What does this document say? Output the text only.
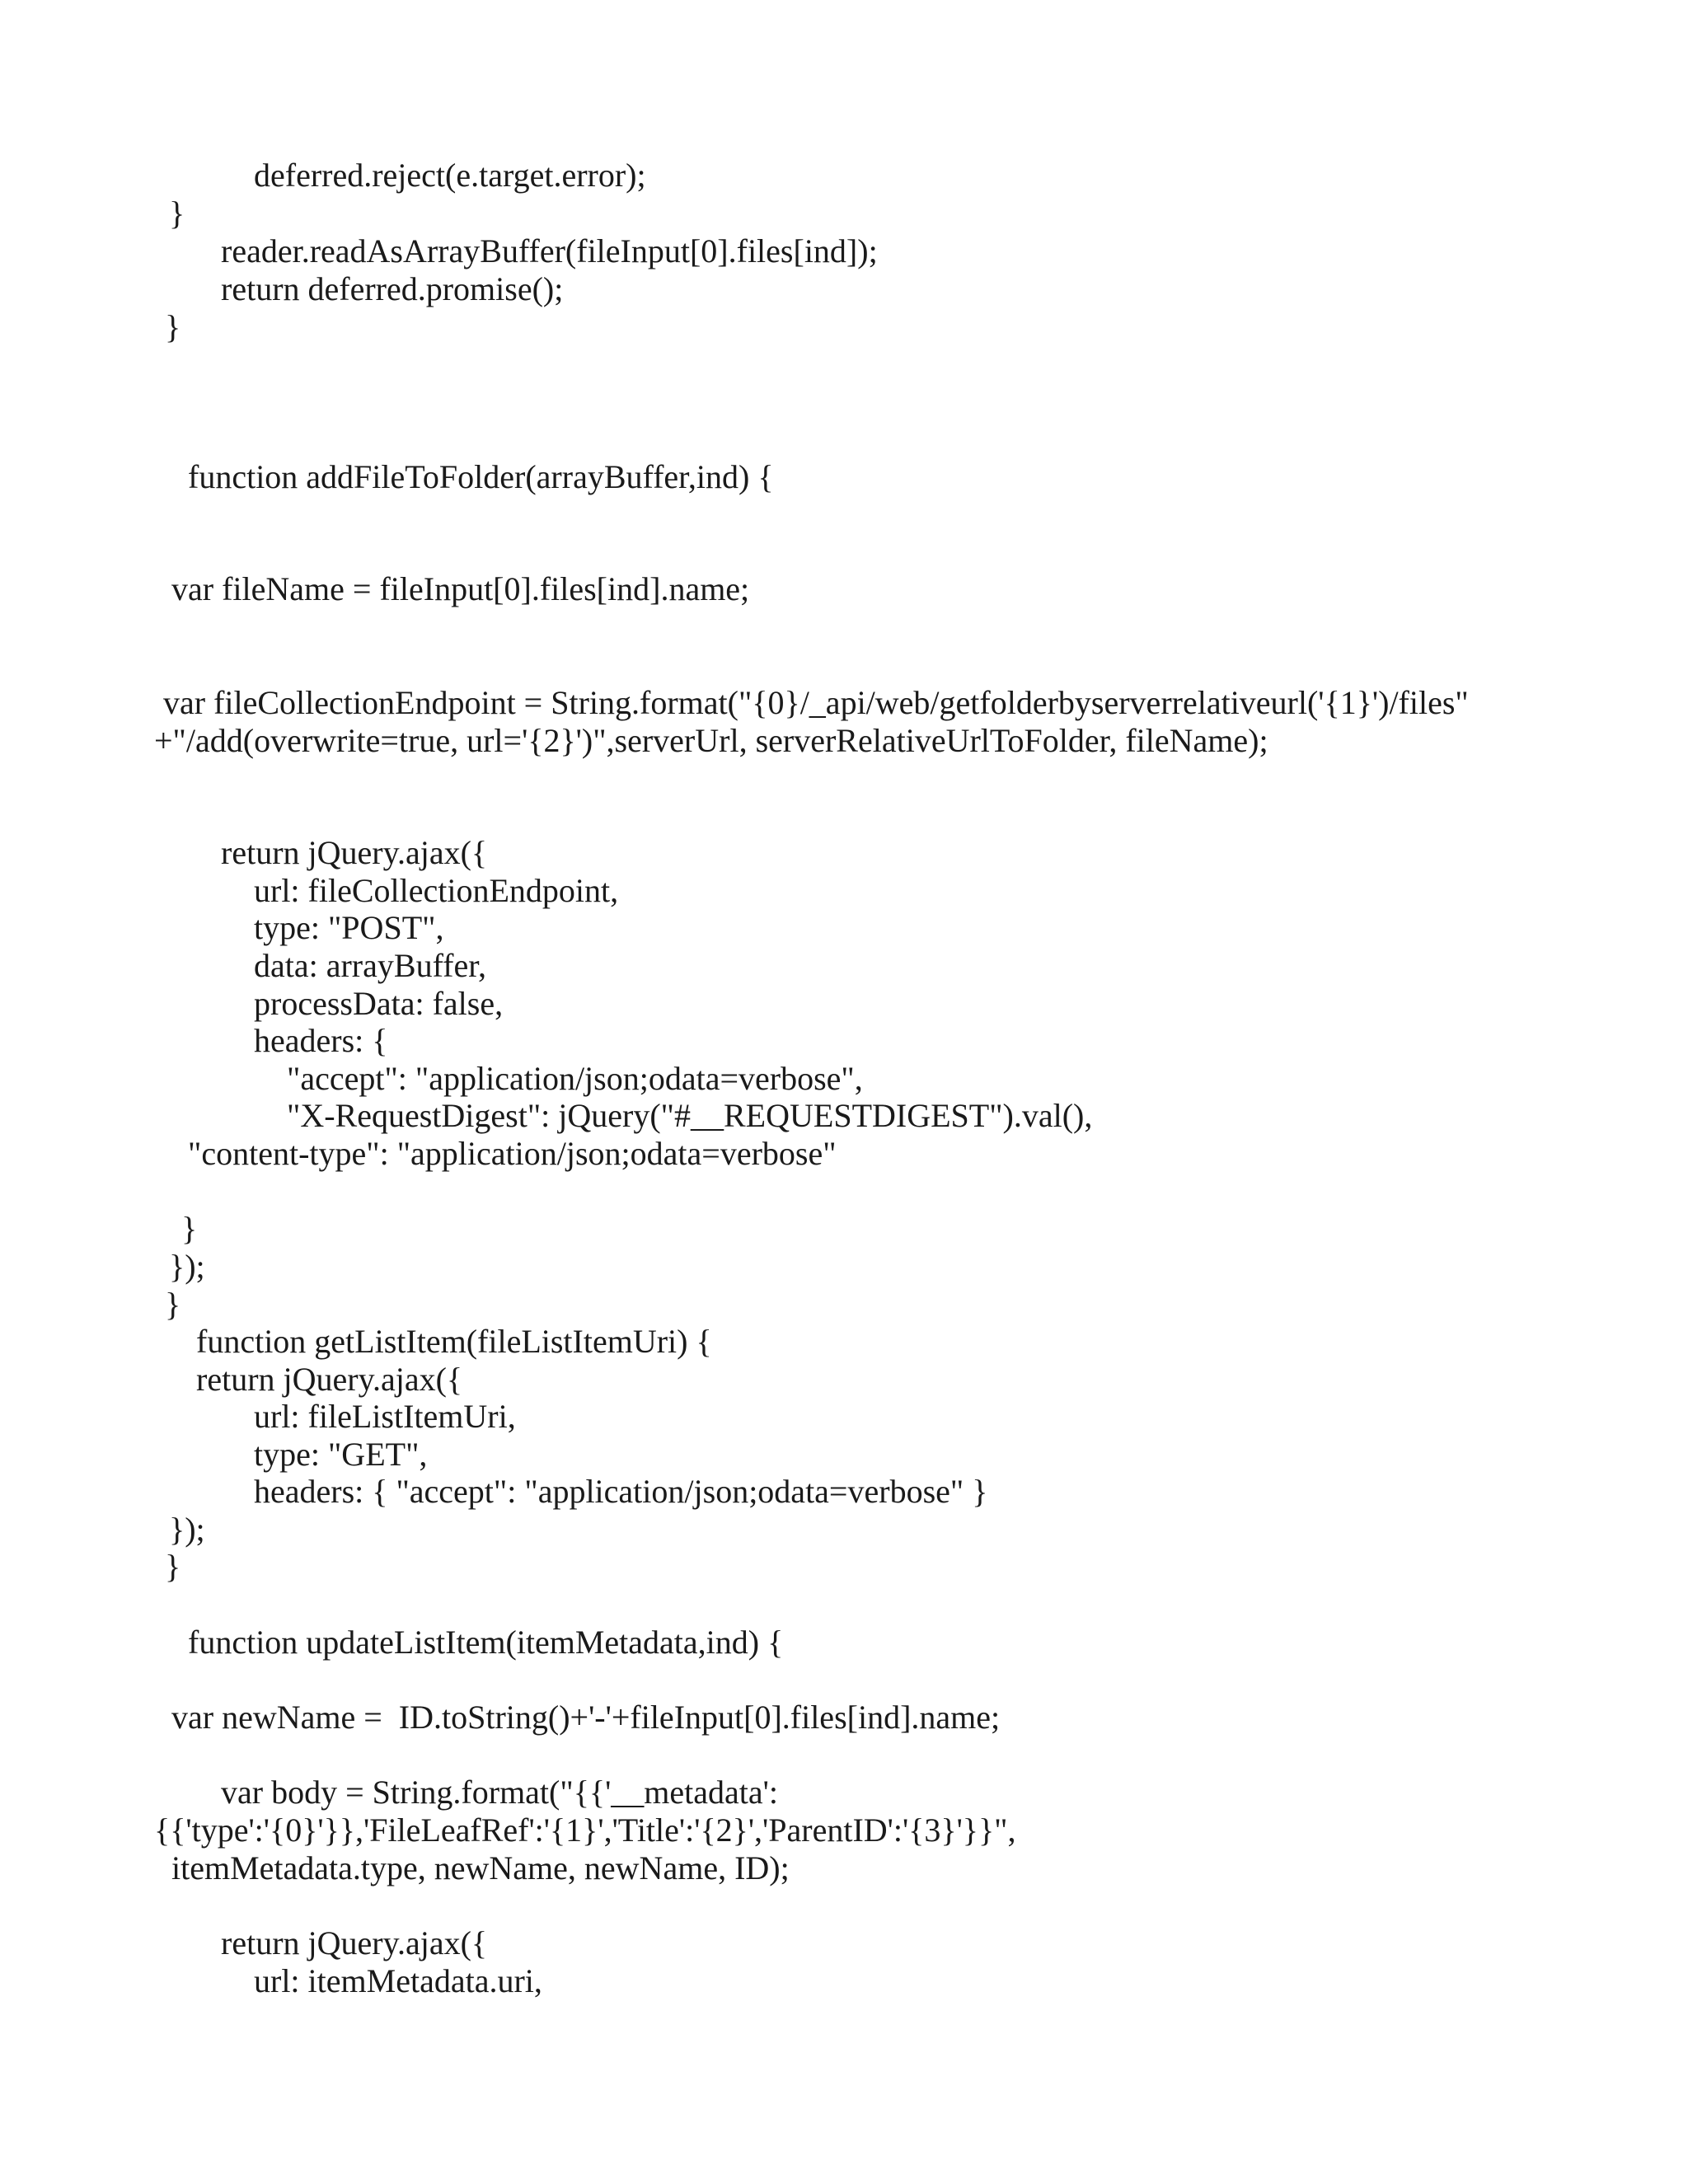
deferred.reject(e.target.error);
}
reader.readAsArrayBuffer(fileInput[0].files[ind]);
return deferred.promise();
}
function addFileToFolder(arrayBuffer,ind) {
var fileName = fileInput[0].files[ind].name;
var fileCollectionEndpoint = String.format("{0}/_api/web/getfolderbyserverrelativeurl('{1}')/files"
+"/add(overwrite=true, url='{2}')",serverUrl, serverRelativeUrlToFolder, fileName);
return jQuery.ajax({
url: fileCollectionEndpoint,
type: "POST",
data: arrayBuffer,
processData: false,
headers: {
"accept": "application/json;odata=verbose",
"X-RequestDigest": jQuery("#__REQUESTDIGEST").val(),
"content-type": "application/json;odata=verbose"
}
});
}
function getListItem(fileListItemUri) {
return jQuery.ajax({
url: fileListItemUri,
type: "GET",
headers: { "accept": "application/json;odata=verbose" }
});
}
function updateListItem(itemMetadata,ind) {
var newName =  ID.toString()+'-'+fileInput[0].files[ind].name;
var body = String.format("{{'__metadata':
{{'type':'{0}'}},'FileLeafRef':'{1}','Title':'{2}','ParentID':'{3}'}}",
itemMetadata.type, newName, newName, ID);
return jQuery.ajax({
url: itemMetadata.uri,
